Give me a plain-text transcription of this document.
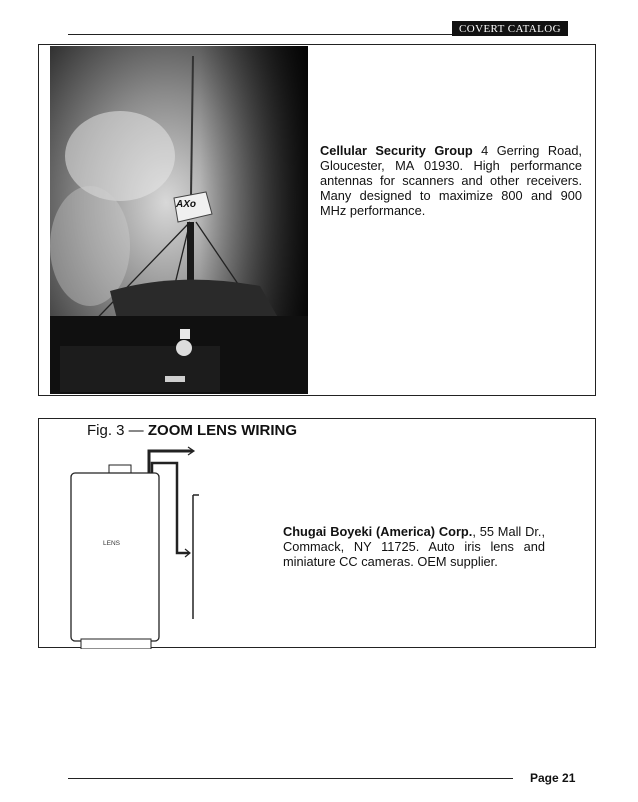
COVERT CATALOG
AXo
Cellular Security Group 4 Gerring Road, Gloucester, MA 01930. High performance antennas for scanners and other receivers. Many designed to maximize 800 and 900 MHz performance.
Fig. 3 — ZOOM LENS WIRING
LENS
Chugai Boyeki (America) Corp., 55 Mall Dr., Commack, NY 11725. Auto iris lens and miniature CC cameras. OEM supplier.
Page 21
